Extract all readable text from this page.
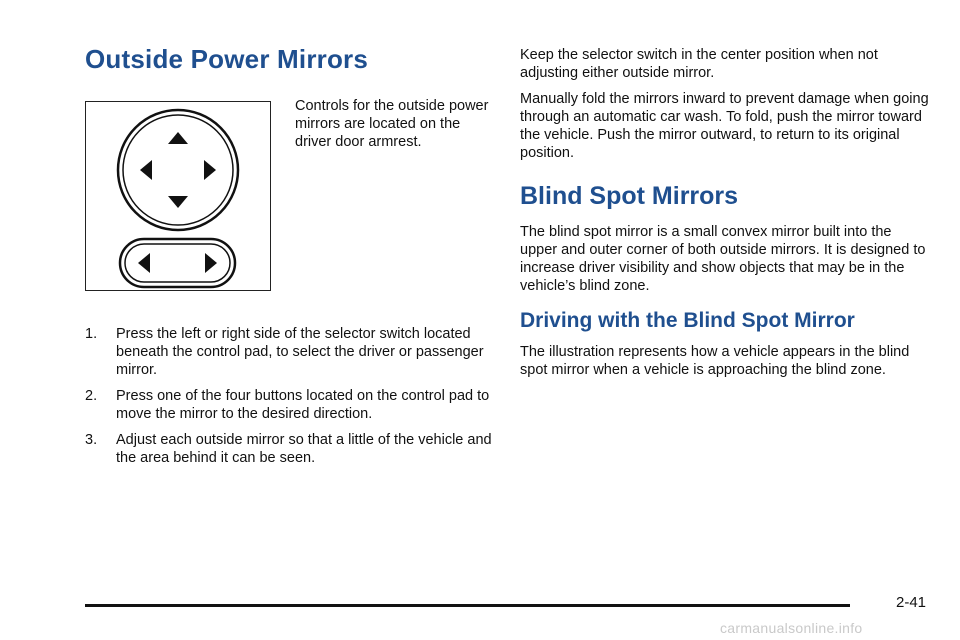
Outside Power Mirrors

Controls for the outside power mirrors are located on the driver door armrest.

1. Press the left or right side of the selector switch located beneath the control pad, to select the driver or passenger mirror.
2. Press one of the four buttons located on the control pad to move the mirror to the desired direction.
3. Adjust each outside mirror so that a little of the vehicle and the area behind it can be seen.

Keep the selector switch in the center position when not adjusting either outside mirror.

Manually fold the mirrors inward to prevent damage when going through an automatic car wash. To fold, push the mirror toward the vehicle. Push the mirror outward, to return to its original position.

Blind Spot Mirrors

The blind spot mirror is a small convex mirror built into the upper and outer corner of both outside mirrors. It is designed to increase driver visibility and show objects that may be in the vehicle’s blind zone.

Driving with the Blind Spot Mirror

The illustration represents how a vehicle appears in the blind spot mirror when a vehicle is approaching the blind zone.

2-41
carmanualsonline.info
